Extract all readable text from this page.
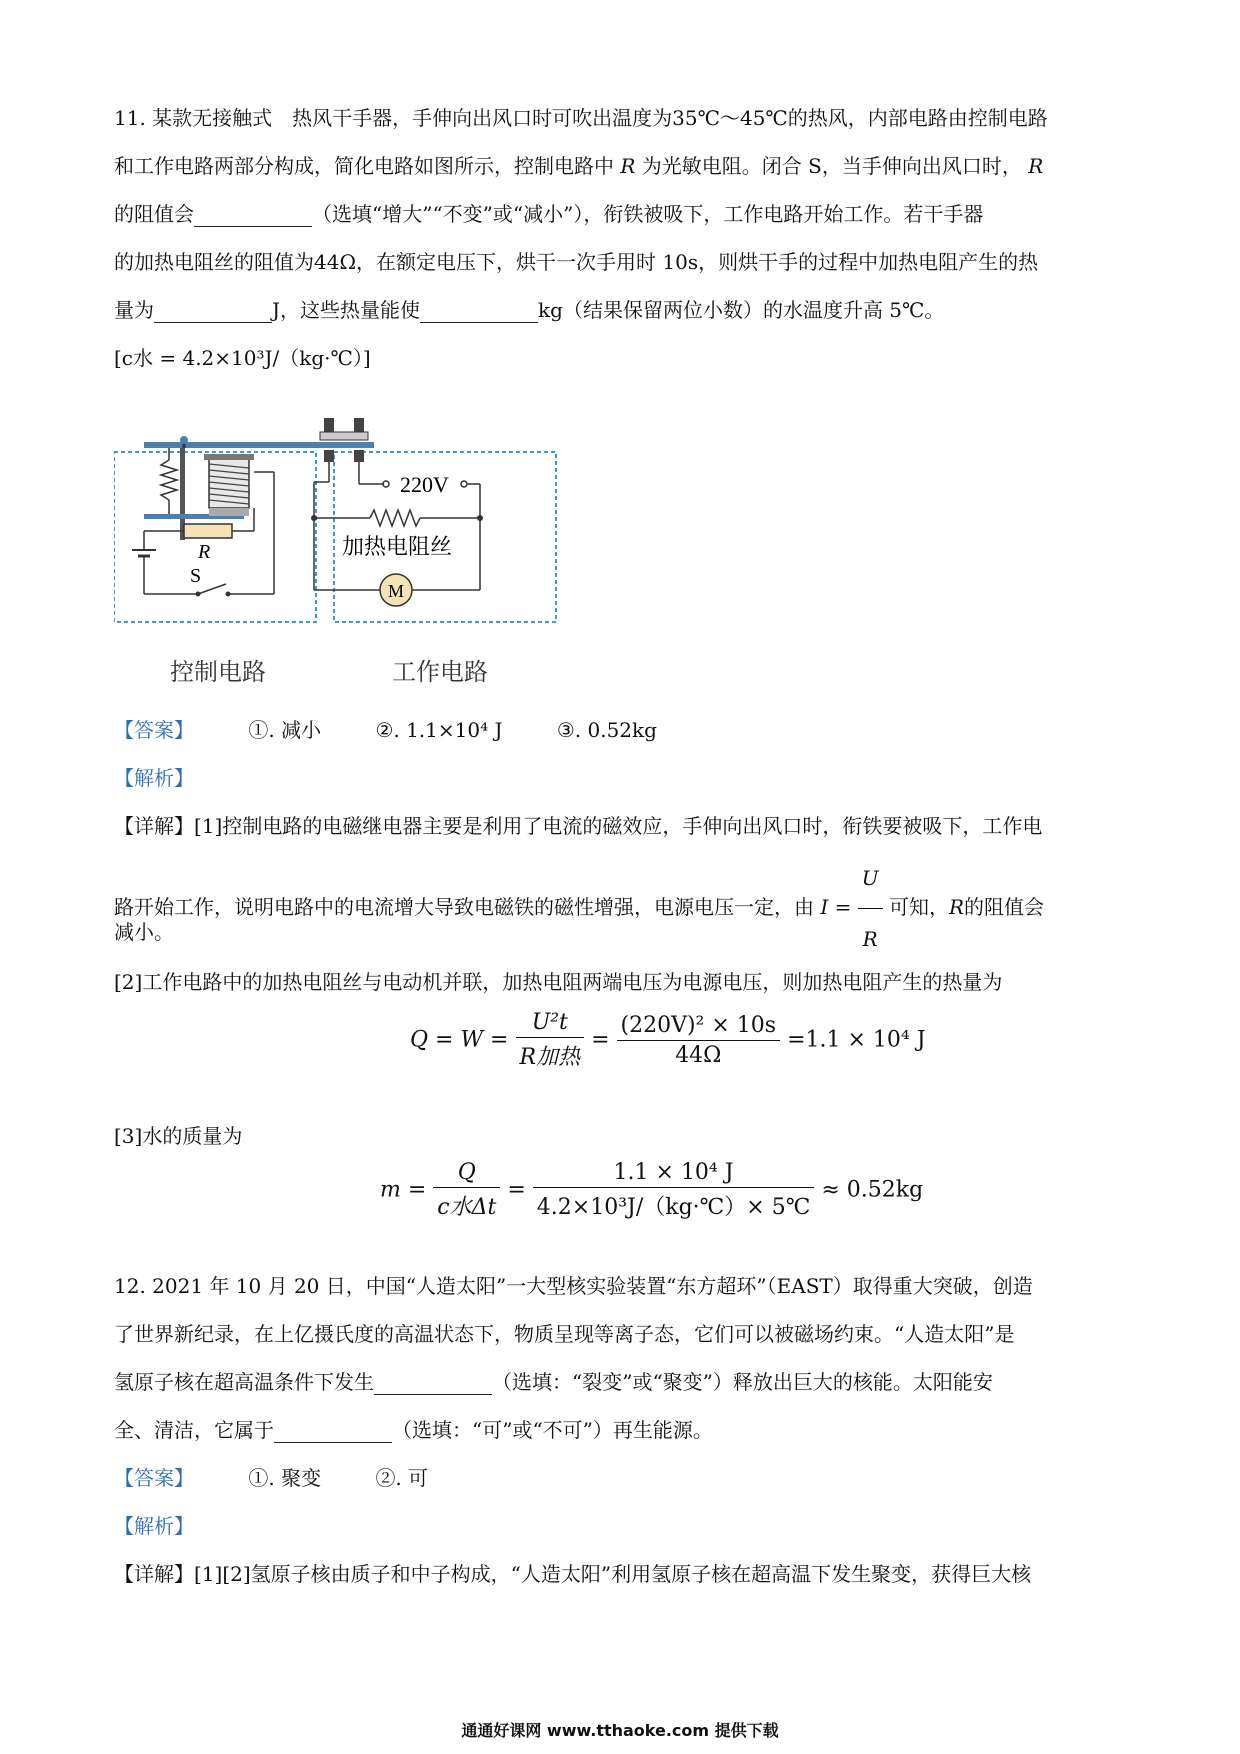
11. 某款无接触式　热风干手器，手伸向出风口时可吹出温度为35℃～45℃的热风，内部电路由控制电路
和工作电路两部分构成，简化电路如图所示，控制电路中 R 为光敏电阻。闭合 S，当手伸向出风口时， R
的阻值会	（选填“增大”“不变”或“减小”），衔铁被吸下，工作电路开始工作。若干手器
的加热电阻丝的阻值为44Ω，在额定电压下，烘干一次手用时 10s，则烘干手的过程中加热电阻产生的热
量为	J，这些热量能使	kg（结果保留两位小数）的水温度升高 5℃。
[c水 = 4.2×10³J/（kg·℃）]
R
S
220V
加热电阻丝
M
控制电路	工作电路
【答案】	①. 减小	②. 1.1×10⁴ J	③. 0.52kg
【解析】
【详解】[1]控制电路的电磁继电器主要是利用了电流的磁效应，手伸向出风口时，衔铁要被吸下，工作电
路开始工作，说明电路中的电流增大导致电磁铁的磁性增强，电源电压一定，由 $I = \frac{U}{R}$ 可知，R的阻值会
减小。
[2]工作电路中的加热电阻丝与电动机并联，加热电阻两端电压为电源电压，则加热电阻产生的热量为
$Q = W = \frac{\text{U²t}}{\text{R加热}} = \frac{\text{(220V)² × 10s}}{44\Omega} =1.1 \times 10^4$ J
[3]水的质量为
$m = \frac{Q}{\text{c水Δt}} = \frac{\text{1.1 × 10⁴ J}}{\text{4.2×10³J/（kg·℃）× 5℃}} \approx 0.52kg$
12. 2021 年 10 月 20 日，中国“人造太阳”一大型核实验装置“东方超环”（EAST）取得重大突破，创造
了世界新纪录，在上亿摄氏度的高温状态下，物质呈现等离子态，它们可以被磁场约束。“人造太阳”是
氢原子核在超高温条件下发生	（选填：“裂变”或“聚变”）释放出巨大的核能。太阳能安
全、清洁，它属于	（选填：“可”或“不可”）再生能源。
【答案】	①. 聚变	②. 可
【解析】
【详解】[1][2]氢原子核由质子和中子构成，“人造太阳”利用氢原子核在超高温下发生聚变，获得巨大核
通通好课网 www.tthaoke.com 提供下载
